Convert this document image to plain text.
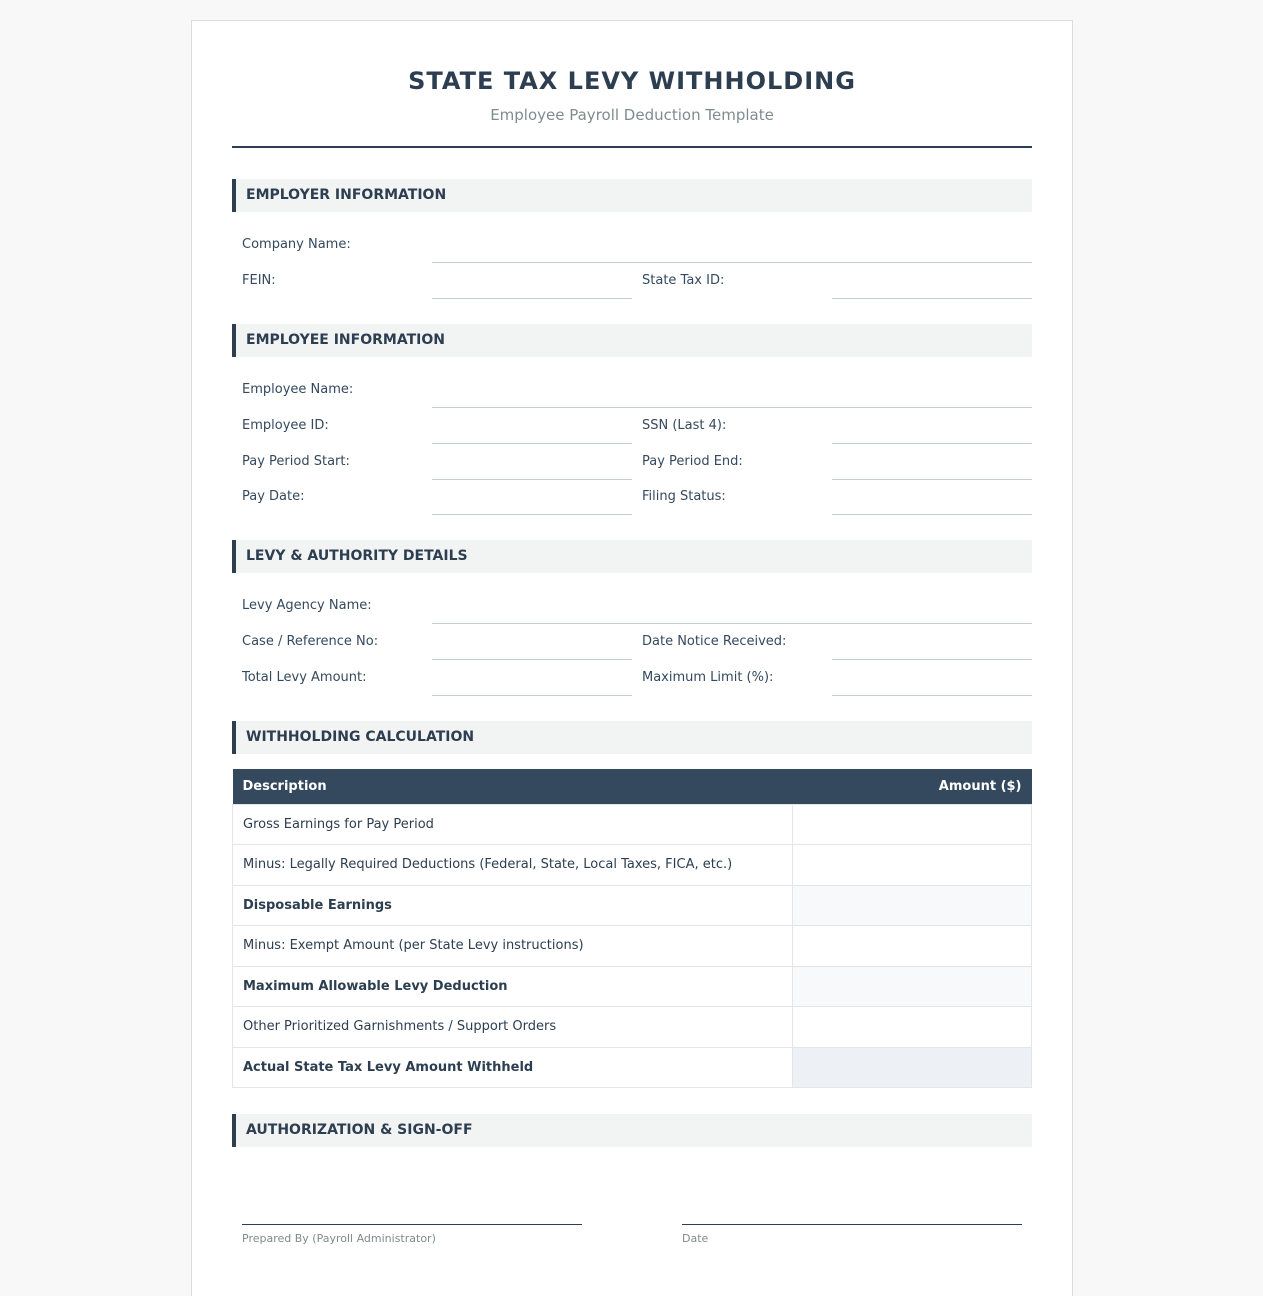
STATE TAX LEVY WITHHOLDING
Employee Payroll Deduction Template
EMPLOYER INFORMATION
Company Name:
FEIN:	State Tax ID:
EMPLOYEE INFORMATION
Employee Name:
Employee ID:	SSN (Last 4):
Pay Period Start:	Pay Period End:
Pay Date:	Filing Status:
LEVY & AUTHORITY DETAILS
Levy Agency Name:
Case / Reference No:	Date Notice Received:
Total Levy Amount:	Maximum Limit (%):
WITHHOLDING CALCULATION
Description	Amount ($)
Gross Earnings for Pay Period	
Minus: Legally Required Deductions (Federal, State, Local Taxes, FICA, etc.)	
Disposable Earnings	
Minus: Exempt Amount (per State Levy instructions)	
Maximum Allowable Levy Deduction	
Other Prioritized Garnishments / Support Orders	
Actual State Tax Levy Amount Withheld	
AUTHORIZATION & SIGN-OFF
Prepared By (Payroll Administrator)	Date
